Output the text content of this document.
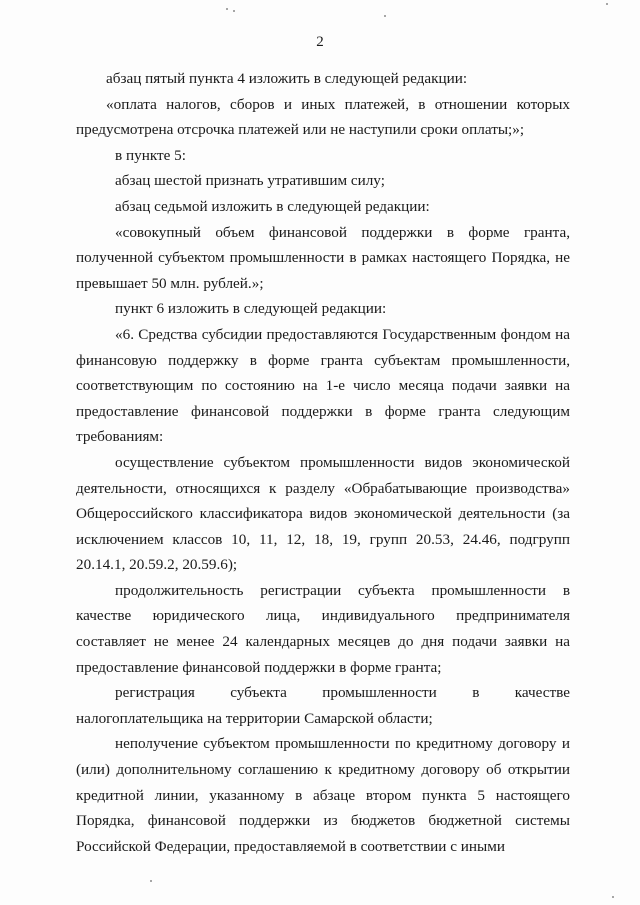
2

абзац пятый пункта 4 изложить в следующей редакции:

«оплата налогов, сборов и иных платежей, в отношении которых предусмотрена отсрочка платежей или не наступили сроки оплаты;»;

в пункте 5:

абзац шестой признать утратившим силу;

абзац седьмой изложить в следующей редакции:

«совокупный объем финансовой поддержки в форме гранта, полученной субъектом промышленности в рамках настоящего Порядка, не превышает 50 млн. рублей.»;

пункт 6 изложить в следующей редакции:

«6. Средства субсидии предоставляются Государственным фондом на финансовую поддержку в форме гранта субъектам промышленности, соответствующим по состоянию на 1-е число месяца подачи заявки на предоставление финансовой поддержки в форме гранта следующим требованиям:

осуществление субъектом промышленности видов экономической деятельности, относящихся к разделу «Обрабатывающие производства» Общероссийского классификатора видов экономической деятельности (за исключением классов 10, 11, 12, 18, 19, групп 20.53, 24.46, подгрупп 20.14.1, 20.59.2, 20.59.6);

продолжительность регистрации субъекта промышленности в качестве юридического лица, индивидуального предпринимателя составляет не менее 24 календарных месяцев до дня подачи заявки на предоставление финансовой поддержки в форме гранта;

регистрация субъекта промышленности в качестве налогоплательщика на территории Самарской области;

неполучение субъектом промышленности по кредитному договору и (или) дополнительному соглашению к кредитному договору об открытии кредитной линии, указанному в абзаце втором пункта 5 настоящего Порядка, финансовой поддержки из бюджетов бюджетной системы Российской Федерации, предоставляемой в соответствии с иными
